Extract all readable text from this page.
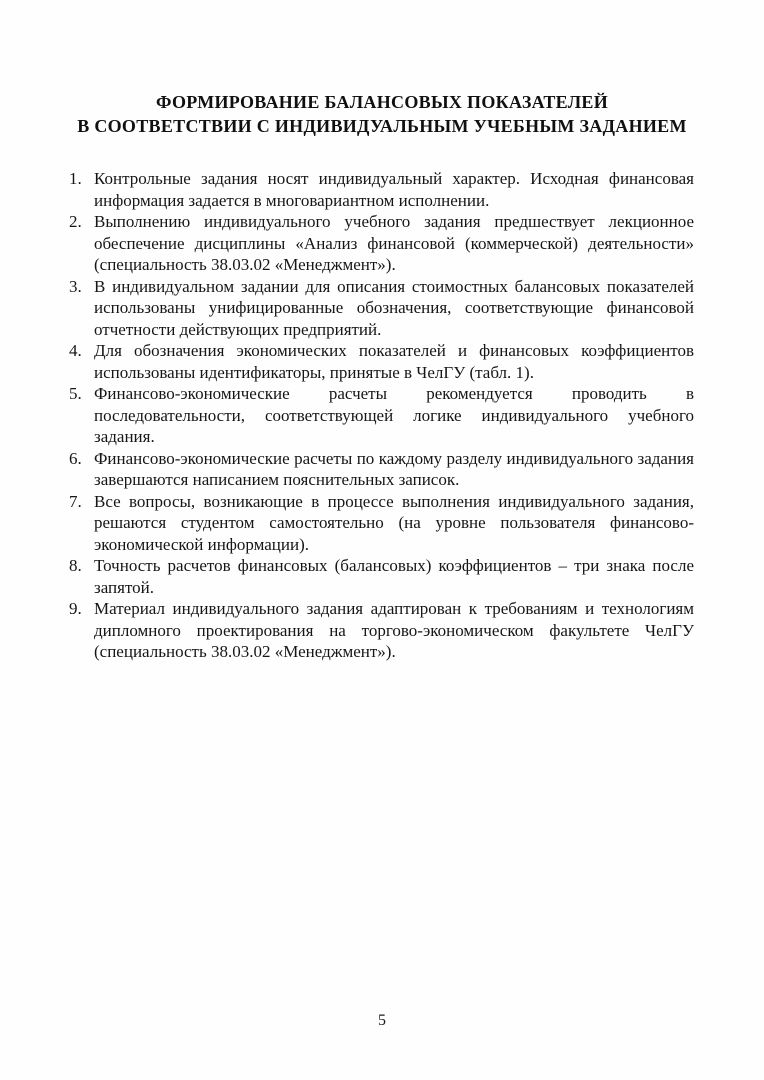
ФОРМИРОВАНИЕ БАЛАНСОВЫХ ПОКАЗАТЕЛЕЙ
В СООТВЕТСТВИИ С ИНДИВИДУАЛЬНЫМ УЧЕБНЫМ ЗАДАНИЕМ
1. Контрольные задания носят индивидуальный характер. Исходная финансовая информация задается в многовариантном исполнении.
2. Выполнению индивидуального учебного задания предшествует лекционное обеспечение дисциплины «Анализ финансовой (коммерческой) деятельности» (специальность 38.03.02 «Менеджмент»).
3. В индивидуальном задании для описания стоимостных балансовых показателей использованы унифицированные обозначения, соответствующие финансовой отчетности действующих предприятий.
4. Для обозначения экономических показателей и финансовых коэффициентов использованы идентификаторы, принятые в ЧелГУ (табл. 1).
5. Финансово-экономические расчеты рекомендуется проводить в последовательности, соответствующей логике индивидуального учебного задания.
6. Финансово-экономические расчеты по каждому разделу индивидуального задания завершаются написанием пояснительных записок.
7. Все вопросы, возникающие в процессе выполнения индивидуального задания, решаются студентом самостоятельно (на уровне пользователя финансово-экономической информации).
8. Точность расчетов финансовых (балансовых) коэффициентов – три знака после запятой.
9. Материал индивидуального задания адаптирован к требованиям и технологиям дипломного проектирования на торгово-экономическом факультете ЧелГУ (специальность 38.03.02 «Менеджмент»).
5
